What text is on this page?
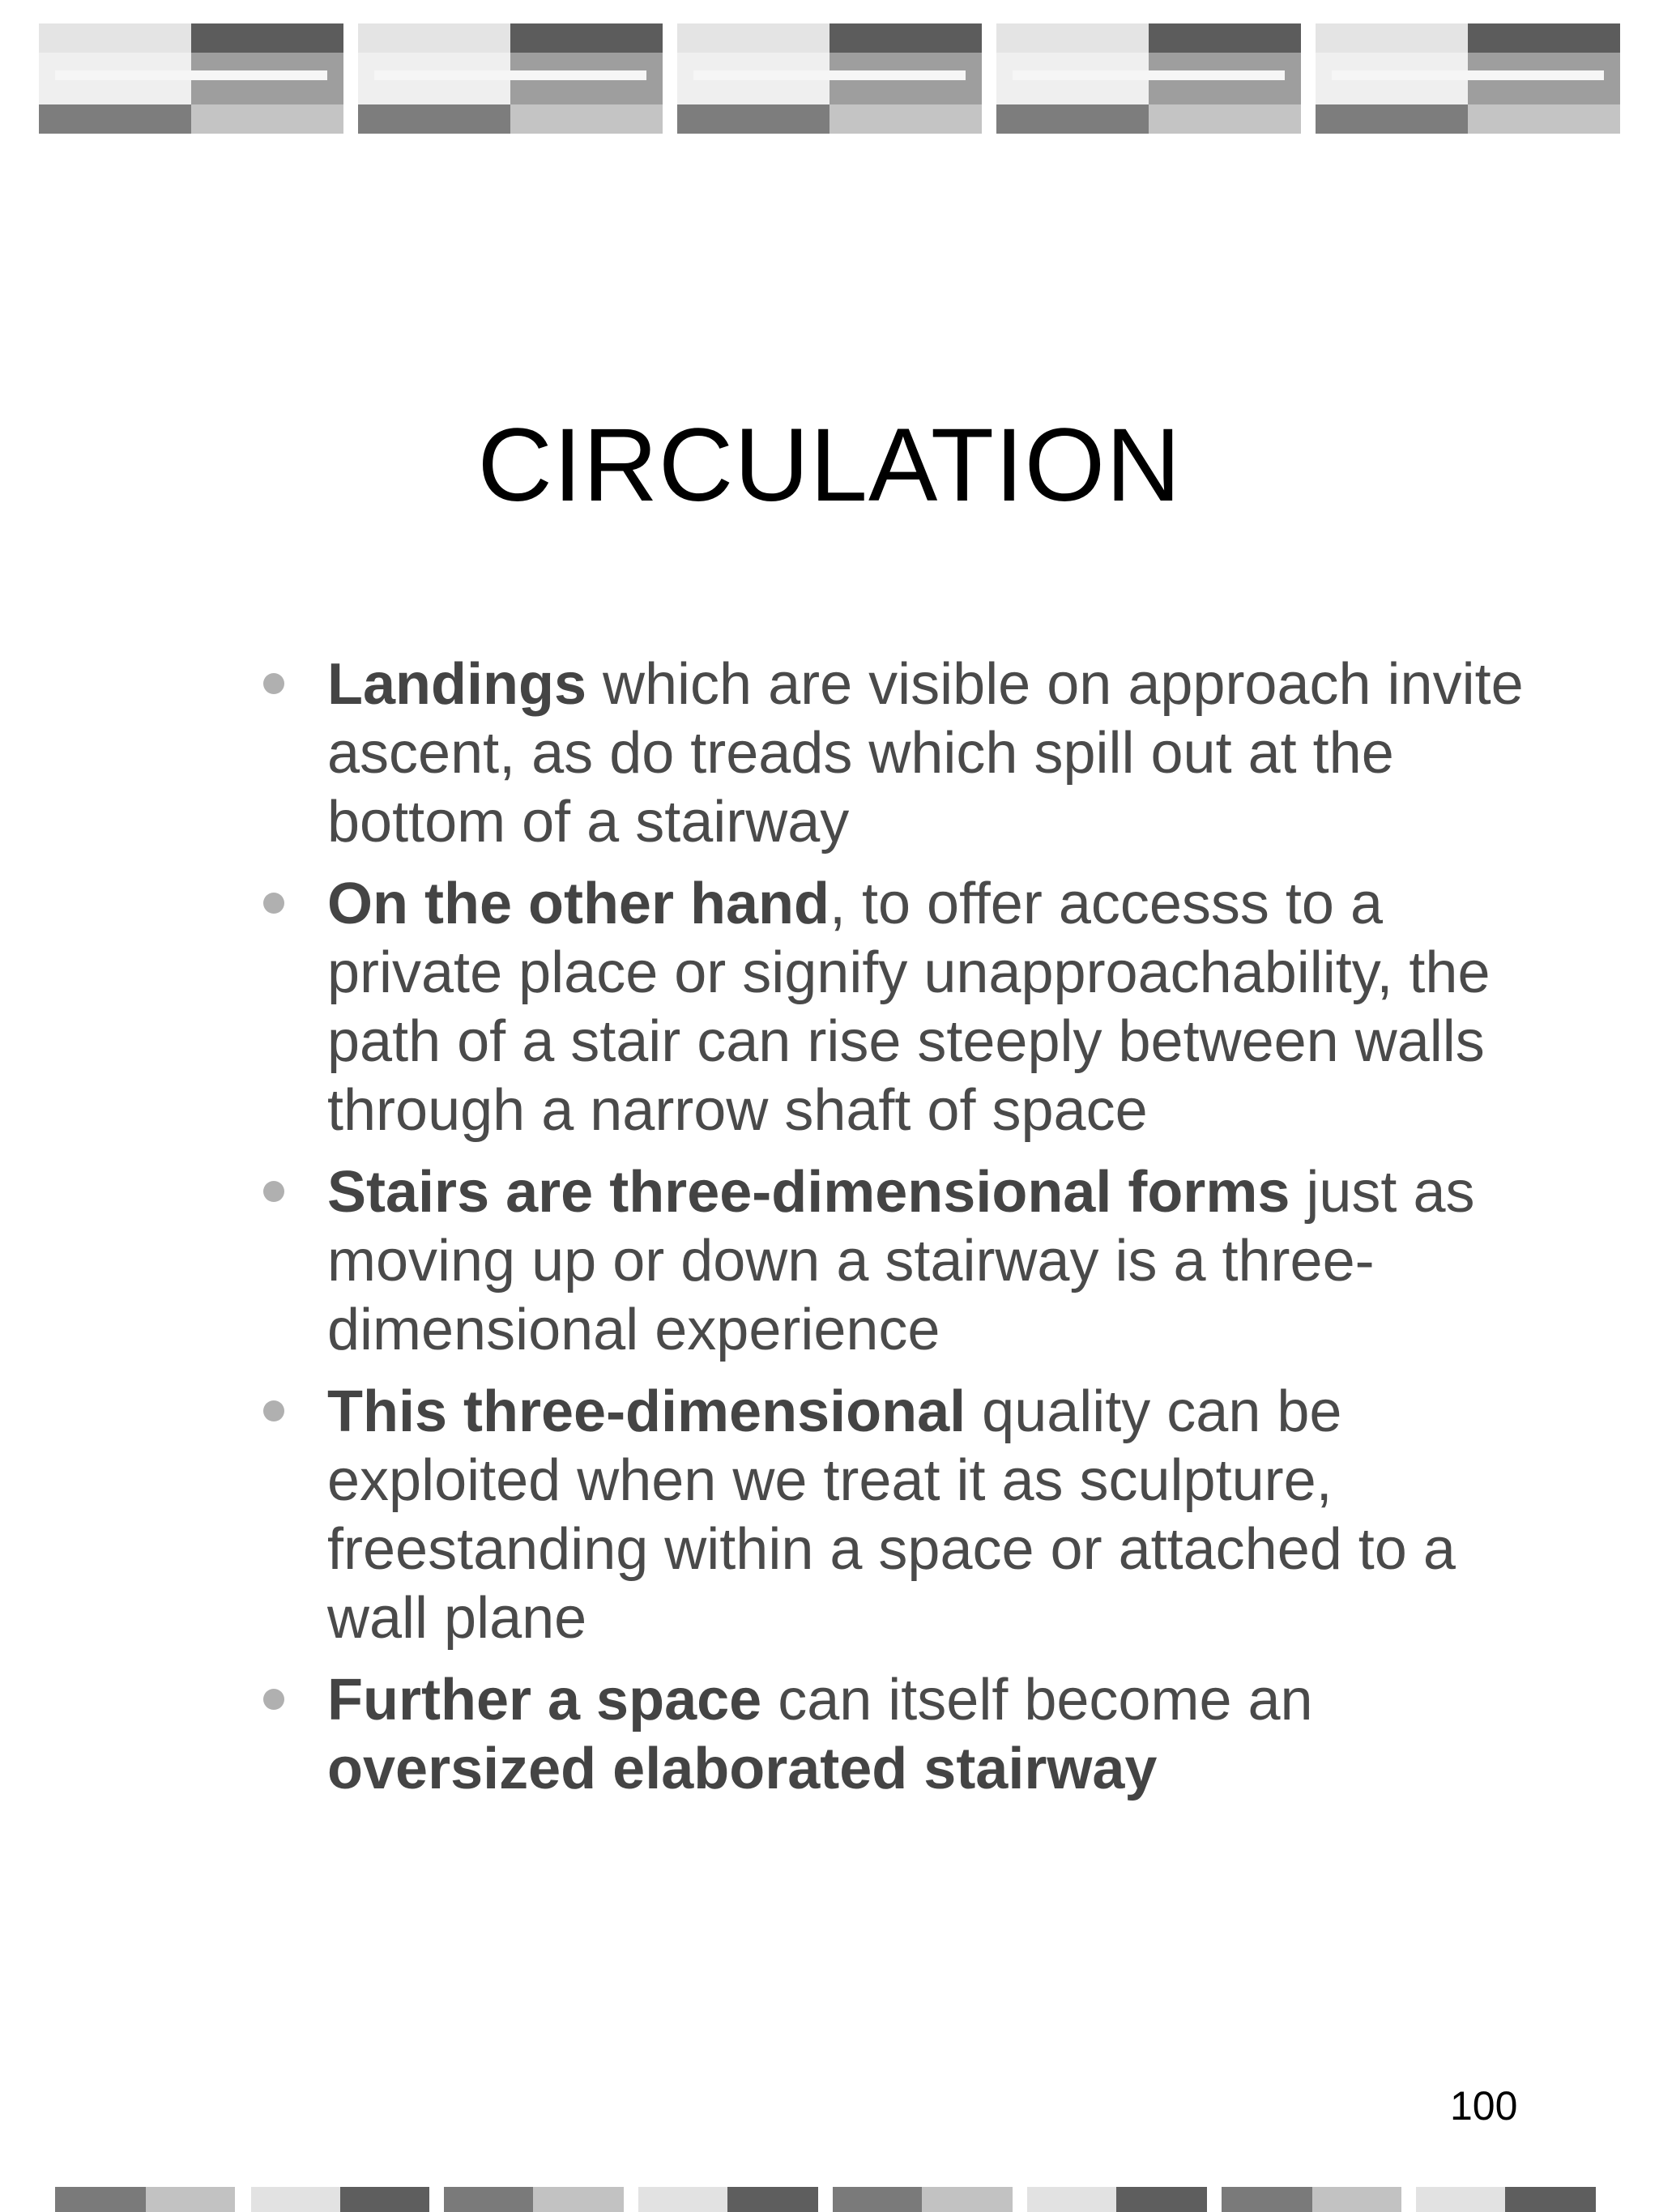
CIRCULATION
Landings which are visible on approach invite ascent, as do treads which spill out at the bottom of a stairway
On the other hand, to offer accesss to a private place or signify unapproachability, the path of a stair can rise steeply between walls through a narrow shaft of space
Stairs are three-dimensional forms just as moving up or down a stairway is a three-dimensional experience
This three-dimensional quality can be exploited when we treat it as sculpture, freestanding within a space or attached to a wall plane
Further a space can itself become an oversized elaborated stairway
100
